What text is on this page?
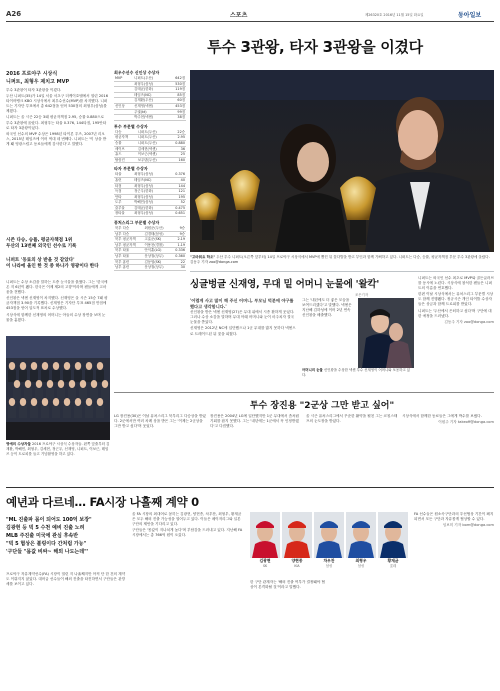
A26	스포츠	제26320호 2016년 11월 15일 화요일	동아일보
투수 3관왕, 타자 3관왕을 이겼다
2016 프로야구 시상식
니퍼트, 최형우 제치고 MVP

투수 3관왕이 타자 3관왕을 이겼다.

두산 니퍼트(35)가 14일 서울 서초구 더케이호텔에서 열린 2016 타이어뱅크 KBO 시상식에서 최우수선수(MVP)를 차지했다. 니퍼트는 기자단 투표에서 총 642점을 얻어 530점의 최형우(삼성)를 제쳤다.

니퍼트는 올 시즌 22승 3패 평균자책점 2.95, 승률 0.880으로 투수 3관왕에 올랐다. 최형우는 타율 0.376, 144타점, 195안타로 타자 3관왕이었다.

외국인 선수의 MVP 수상은 1998년 타이론 우즈, 2007년 리오스, 2015년 테임즈에 이어 역대 네 번째다. 니퍼트는 '이 상을 받게 돼 영광스럽고 동료들에게 감사한다'고 말했다.

시즌 다승, 승률, 평균자책점 1위
두산의 13번째 외국인 선수로 기록
니퍼트 '동료의 상 받을 것 같았다'
이 나라에 올인 한 것 중 하나가 영광이다 한다

니퍼트는 수상 소감을 말하는 도중 눈시울을 붉혔다. 그는 '한국에 온 지 6년이 됐다. 한국은 이제 제2의 고향'이라며 팬들에게 고마움을 전했다.

신인왕은 넥센 신재영이 차지했다. 신재영은 올 시즌 15승 7패 평균자책점 3.90을 기록했다. 신재영은 기자단 투표 465점 만점에 453점을 얻어 압도적 표차로 수상했다.

시상식에 함께한 신재영의 어머니는 아들의 수상 장면을 보며 눈물을 훔쳤다.

최우수선수 신인상 수상자
MVP	니퍼트(두산)	642점
	최형우(삼성)	530점
	김태균(한화)	119점
	테임즈(NC)	85점
	김재환(두산)	60점
신인상	신재영(넥센)	453점
	주권(kt)	99점
	박주현(넥센)	38점
투수 부문별 수상자
다승	니퍼트(두산)	22승
평균자책	니퍼트(두산)	2.95
승률	니퍼트(두산)	0.880
세이브	김세현(넥센)	36
홀드	이보근(넥센)	25
탈삼진	보우덴(두산)	160
타자 부문별 수상자
타율	최형우(삼성)	0.376
홈런	테임즈(NC)	40
타점	최형우(삼성)	144
득점	정근우(한화)	121
안타	최형우(삼성)	195
도루	박해민(삼성)	52
출루율	김태균(한화)	0.475
장타율	최형우(삼성)	0.651
퓨처스리그 부문별 수상자
북부 다승	최원준(두산)	9승
남부 다승	김경태(삼성)	9승
북부 평균자책	고효준(SK)	2.19
남부 평균자책	이용찬(경찰)	1.19
북부 타율	안익훈(LG)	0.336
남부 타율	문상철(상무)	0.360
북부 홈런	김동엽(SK)	22
남부 홈런	문상철(상무)	30
"고마워요 하오" 두산 투수 니퍼트(오른쪽 앞부터) 14일 프로야구 시상식에서 MVP에 뽑힌 뒤 꽃다발을 받고 부인과 함께 기뻐하고 있다. 니퍼트는 다승, 승률, 평균자책점 부문 투수 3관왕에 올랐다. 김동주 기자 zoo@donga.com
싱글벙글 신재영, 무대 밑 어머니 눈물에 '왈칵'
조은기자

'어렵게 사고 많이 해 주신 어머니, 부모님 덕분에 야구를 했다고 생각합니다.'

신인왕을 받은 넥센 신재영(27)은 무대 위에서 시종 환하게 웃었다. 그러나 수상 소감을 말하며 무대 아래 어머니와 눈이 마주치자 결국 눈물을 쏟았다.

신재영은 2012년 NC에 입단했으나 1군 무대를 밟지 못하다 넥센으로 트레이드된 뒤 꽃을 피웠다.

그는 '내년에도 더 좋은 모습을 보여드리겠다'고 말했다. 넥센은 지난해 김하성에 이어 2년 연속 신인왕을 배출했다.

어머니의 눈물 신인왕을 수상한 넥센 투수 신재영이 어머니와 포옹하고 있다.

니퍼트는 외국인 선수 최초로 MVP와 골든글러브를 동시에 노린다. 시상식에 참석한 팬들은 니퍼트의 이름을 연호했다.

한편 이날 시상식에서는 퓨처스리그 부문별 시상도 함께 진행됐다. 정규시즌 개인 타이틀 수상자들은 상금과 함께 트로피를 받았다.

니퍼트는 '두산에서 은퇴하고 싶다'며 구단에 대한 애정을 드러냈다.

김동주 기자 zoo@donga.com

투수 장진용 "2군상 그만 받고 싶어"

LG 장진용(30)은 이날 퓨처스리그 북부리그 다승상을 받았다. 2군에서만 여러 차례 상을 받은 그는 '이제는 2군상을 그만 받고 싶다'며 웃었다.

장진용은 2004년 LG에 입단했지만 1군 무대에서 좀처럼 기회를 잡지 못했다. 그는 '내년에는 1군에서 꼭 인정받겠다'고 다짐했다.

올 시즌 퓨처스리그에서 꾸준한 활약을 펼친 그는 코칭스태프의 눈도장을 받았다.

시상식에서 함께한 동료들은 그에게 박수를 보냈다.

이원주 기자 takeoff@donga.com

영예의 수상자들 2016 프로야구 시상식 수상자들. 왼쪽 앞줄부터 김재환, 박해민, 최형우, 김세현, 정근우, 신재영, 니퍼트, 이보근, 테임즈 등이 트로피를 들고 기념촬영을 하고 있다.
예년과 다르네… FA시장 나흘째 계약 0
"ML 진출파 몸이 되어도 100억 보장"
김광현 등 빅 5 수천 예비 진출 노려
MLB 주진출 미국에 관심 후속반
"빅 5 협상은 볼링이다 간처럼 가능"
'구단들 "몸값 비싸~ 해외 나도는데"'

프로야구 자유계약선수(FA) 시장이 열린 지 나흘째지만 아직 단 한 건의 계약도 이뤄지지 않았다. 대어급 선수들이 해외 진출을 타진하면서 구단들은 관망세를 보이고 있다.

올 FA 시장의 최대어로 꼽히는 김광현, 양현종, 차우찬, 최형우, 황재균은 모두 해외 진출 가능성을 열어두고 있다. 이들은 메이저리그와 일본 구단의 제안을 기다리고 있다.

구단들은 '몸값이 지나치게 높다'며 부담감을 드러내고 있다. 지난해 FA 시장에서는 총 766억 원이 오갔다.

한 구단 관계자는 '해외 진출 여부가 결정돼야 협상이 본격화될 것'이라고 말했다.

FA 선수들은 원소속구단과의 우선협상 기간이 폐지되면서 모든 구단과 자유롭게 협상할 수 있다.

임보미 기자 bom@donga.com

김광현
SK
양현종
KIA
차우찬
삼성
최형우
삼성
황재균
롯데
